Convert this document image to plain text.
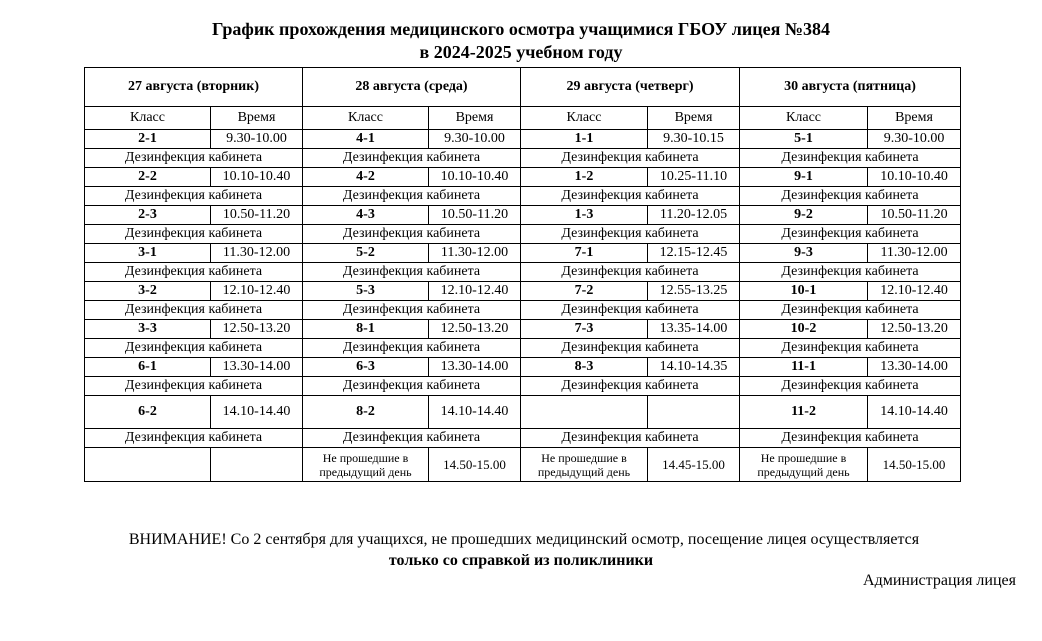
График прохождения медицинского осмотра учащимися ГБОУ лицея №384
в 2024-2025 учебном году
27 августа (вторник)		28 августа (среда)		29 августа (четверг)		30 августа (пятница)	
Класс	Время	Класс	Время	Класс	Время	Класс	Время
2-1	9.30-10.00	4-1	9.30-10.00	1-1	9.30-10.15	5-1	9.30-10.00
Дезинфекция кабинета		Дезинфекция кабинета		Дезинфекция кабинета		Дезинфекция кабинета	
2-2	10.10-10.40	4-2	10.10-10.40	1-2	10.25-11.10	9-1	10.10-10.40
Дезинфекция кабинета		Дезинфекция кабинета		Дезинфекция кабинета		Дезинфекция кабинета	
2-3	10.50-11.20	4-3	10.50-11.20	1-3	11.20-12.05	9-2	10.50-11.20
Дезинфекция кабинета		Дезинфекция кабинета		Дезинфекция кабинета		Дезинфекция кабинета	
3-1	11.30-12.00	5-2	11.30-12.00	7-1	12.15-12.45	9-3	11.30-12.00
Дезинфекция кабинета		Дезинфекция кабинета		Дезинфекция кабинета		Дезинфекция кабинета	
3-2	12.10-12.40	5-3	12.10-12.40	7-2	12.55-13.25	10-1	12.10-12.40
Дезинфекция кабинета		Дезинфекция кабинета		Дезинфекция кабинета		Дезинфекция кабинета	
3-3	12.50-13.20	8-1	12.50-13.20	7-3	13.35-14.00	10-2	12.50-13.20
Дезинфекция кабинета		Дезинфекция кабинета		Дезинфекция кабинета		Дезинфекция кабинета	
6-1	13.30-14.00	6-3	13.30-14.00	8-3	14.10-14.35	11-1	13.30-14.00
Дезинфекция кабинета		Дезинфекция кабинета		Дезинфекция кабинета		Дезинфекция кабинета	
6-2	14.10-14.40	8-2	14.10-14.40			11-2	14.10-14.40
Дезинфекция кабинета		Дезинфекция кабинета		Дезинфекция кабинета		Дезинфекция кабинета	
		Не прошедшие в предыдущий день	14.50-15.00	Не прошедшие в предыдущий день	14.45-15.00	Не прошедшие в предыдущий день	14.50-15.00
ВНИМАНИЕ! Со 2 сентября для учащихся, не прошедших медицинский осмотр, посещение лицея осуществляется
только со справкой из поликлиники
Администрация лицея
